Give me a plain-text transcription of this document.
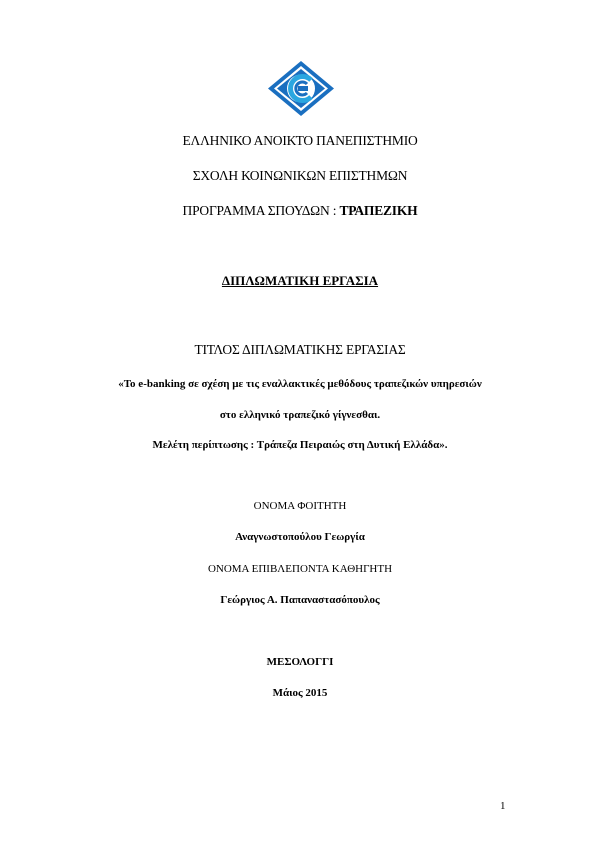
ΕΛΛΗΝΙΚΟ ΑΝΟΙΚΤΟ ΠΑΝΕΠΙΣΤΗΜΙΟ
ΣΧΟΛΗ ΚΟΙΝΩΝΙΚΩΝ ΕΠΙΣΤΗΜΩΝ
ΠΡΟΓΡΑΜΜΑ ΣΠΟΥΔΩΝ : ΤΡΑΠΕΖΙΚΗ
ΔΙΠΛΩΜΑΤΙΚΗ ΕΡΓΑΣΙΑ
ΤΙΤΛΟΣ ΔΙΠΛΩΜΑΤΙΚΗΣ ΕΡΓΑΣΙΑΣ
«Το e-banking σε σχέση με τις εναλλακτικές μεθόδους τραπεζικών υπηρεσιών
στο ελληνικό τραπεζικό γίγνεσθαι.
Μελέτη περίπτωσης : Τράπεζα Πειραιώς στη Δυτική Ελλάδα».
ΟΝΟΜΑ ΦΟΙΤΗΤΗ
Αναγνωστοπούλου Γεωργία
ΟΝΟΜΑ ΕΠΙΒΛΕΠΟΝΤΑ ΚΑΘΗΓΗΤΗ
Γεώργιος Α. Παπαναστασόπουλος
ΜΕΣΟΛΟΓΓΙ
Μάιος 2015
1
